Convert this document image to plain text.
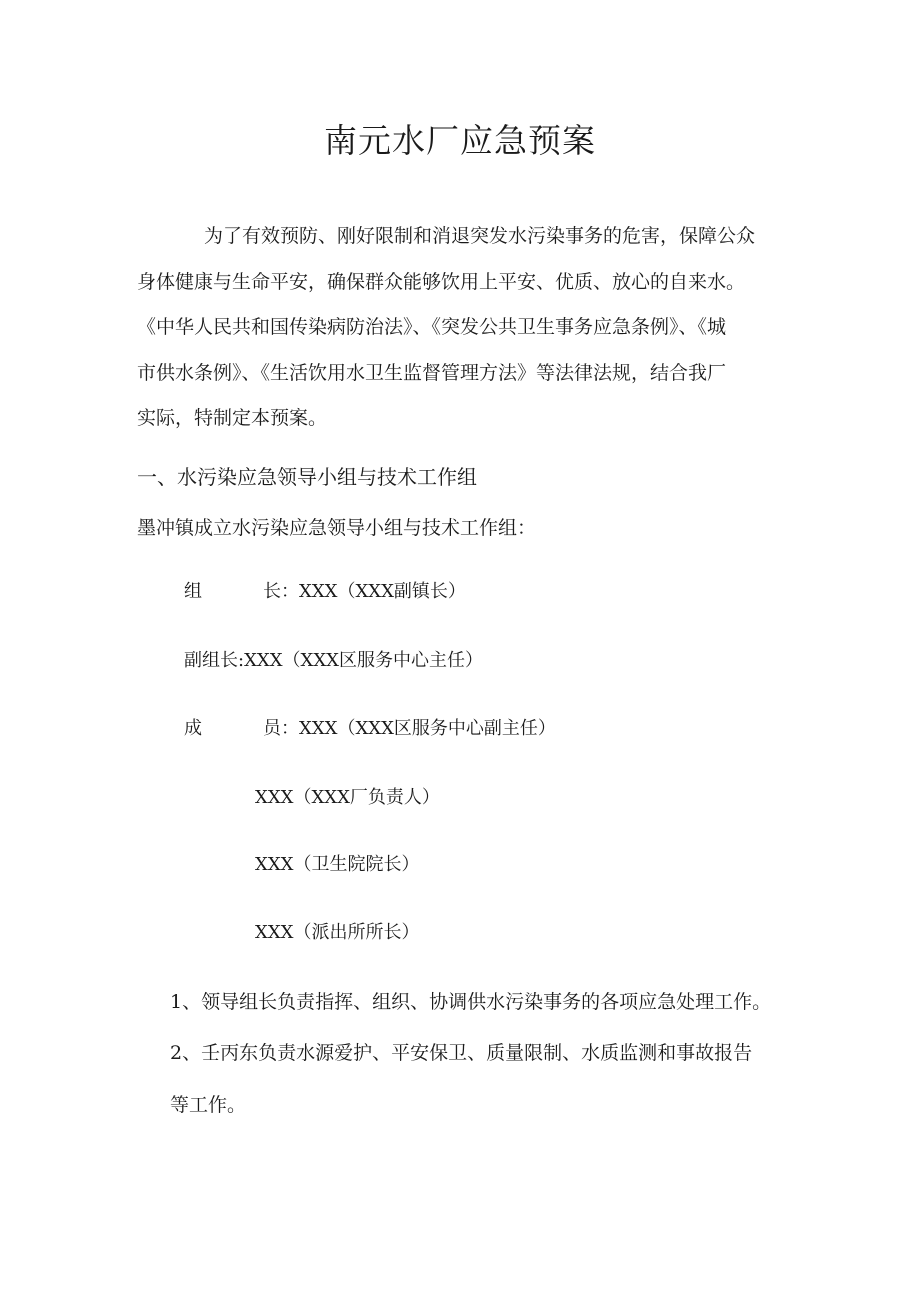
南元水厂应急预案

为了有效预防、刚好限制和消退突发水污染事务的危害，保障公众
身体健康与生命平安，确保群众能够饮用上平安、优质、放心的自来水。
《中华人民共和国传染病防治法》、《突发公共卫生事务应急条例》、《城
市供水条例》、《生活饮用水卫生监督管理方法》等法律法规，结合我厂
实际，特制定本预案。

一、水污染应急领导小组与技术工作组

墨冲镇成立水污染应急领导小组与技术工作组：

组	长 ：XXX（XXX副镇长）

副组长:XXX（XXX区服务中心主任）

成	员 ：XXX（XXX区服务中心副主任）

XXX（XXX厂负责人）

XXX（卫生院院长）

XXX（派出所所长）

1、领导组长负责指挥、组织、协调供水污染事务的各项应急处理工作。

2、壬丙东负责水源爱护、平安保卫、质量限制、水质监测和事故报告

等工作。
